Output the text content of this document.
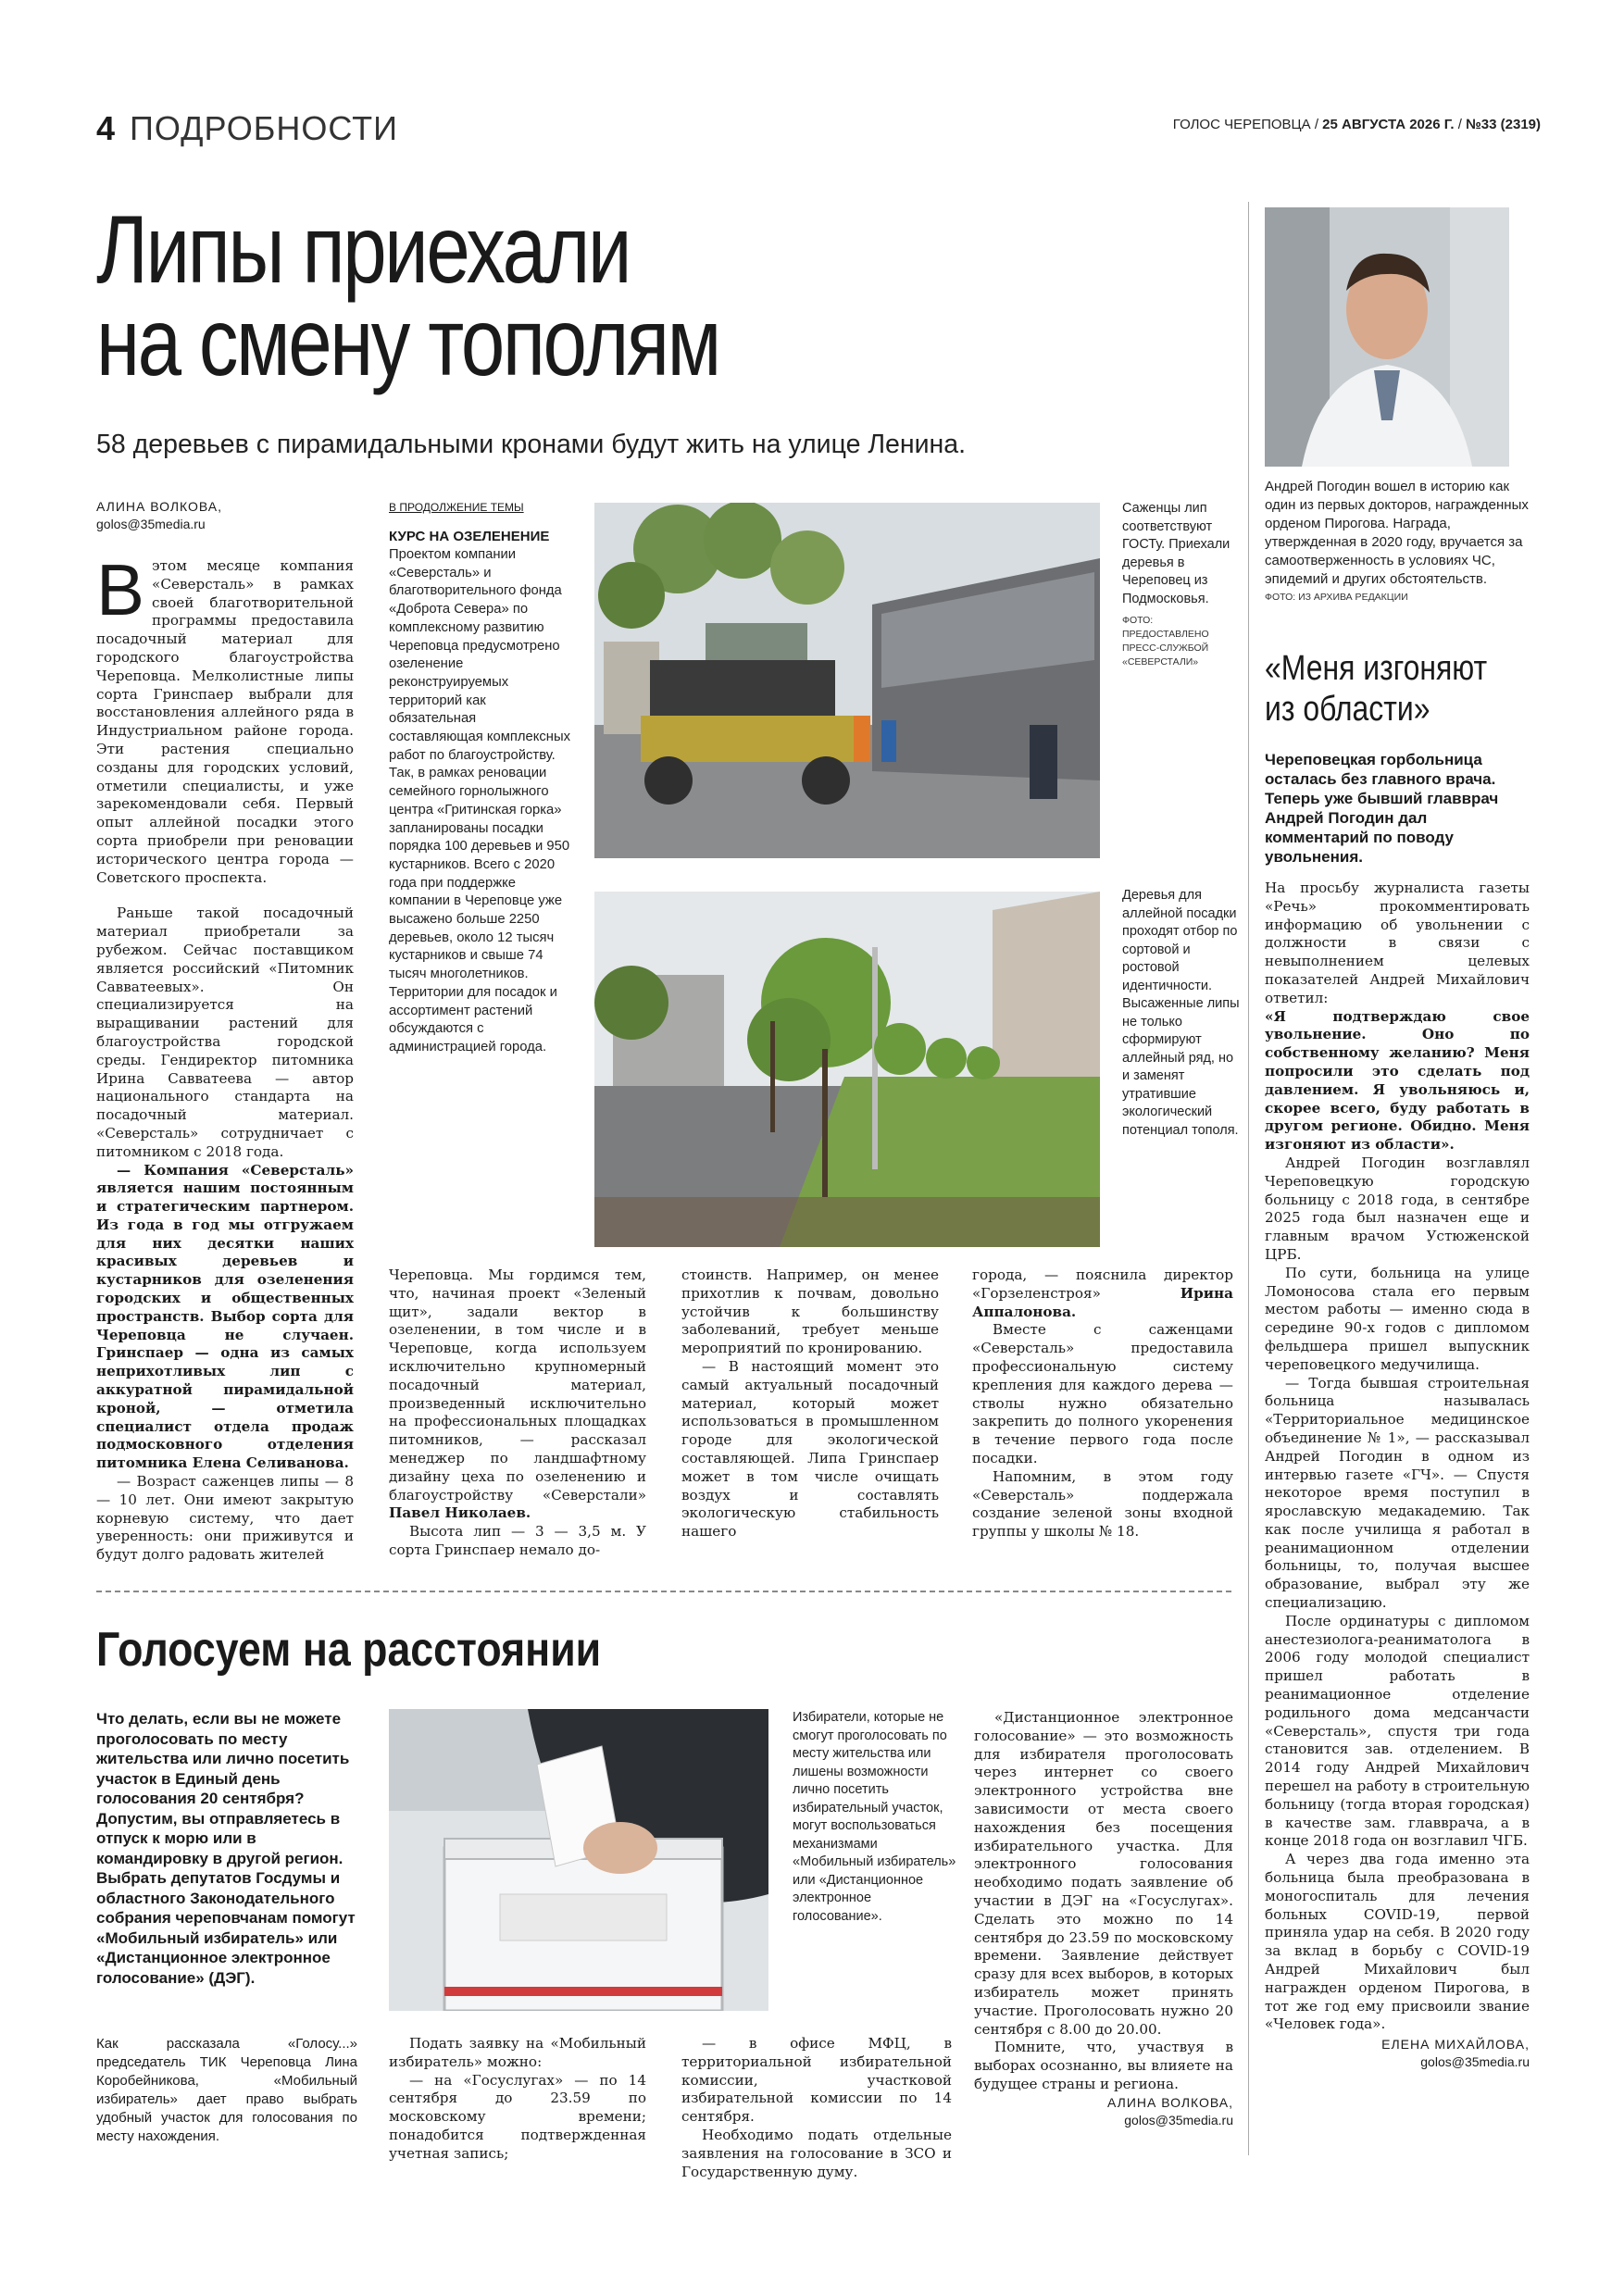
4 ПОДРОБНОСТИ	ГОЛОС ЧЕРЕПОВЦА / 25 АВГУСТА 2026 Г. / №33 (2319)
Липы приехали
на смену тополям
58 деревьев с пирамидальными кронами будут жить на улице Ленина.
АЛИНА ВОЛКОВА,
golos@35media.ru

В этом месяце компания «Северсталь» в рамках своей благотворительной программы предоставила посадочный материал для городского благоустройства Череповца. Мелколистные липы сорта Гринспаер выбрали для восстановления аллейного ряда в Индустриальном районе города. Эти растения специально созданы для городских условий, отметили специалисты, и уже зарекомендовали себя. Первый опыт аллейной посадки этого сорта приобрели при реновации исторического центра города — Советского проспекта.

Раньше такой посадочный материал приобретали за рубежом. Сейчас поставщиком является российский «Питомник Савватеевых». Он специализируется на выращивании растений для благоустройства городской среды. Гендиректор питомника Ирина Савватеева — автор национального стандарта на посадочный материал. «Северсталь» сотрудничает с питомником с 2018 года.

— Компания «Северсталь» является нашим постоянным и стратегическим партнером. Из года в год мы отгружаем для них десятки наших красивых деревьев и кустарников для озеленения городских и общественных пространств. Выбор сорта для Череповца не случаен. Гринспаер — одна из самых неприхотливых лип с аккуратной пирамидальной кроной, — отметила специалист отдела продаж подмосковного отделения питомника Елена Селиванова.

— Возраст саженцев липы — 8 — 10 лет. Они имеют закрытую корневую систему, что дает уверенность: они приживутся и будут долго радовать жителей

В ПРОДОЛЖЕНИЕ ТЕМЫ
КУРС НА ОЗЕЛЕНЕНИЕ
Проектом компании «Северсталь» и благотворительного фонда «Доброта Севера» по комплексному развитию Череповца предусмотрено озеленение реконструируемых территорий как обязательная составляющая комплексных работ по благоустройству. Так, в рамках реновации семейного горнолыжного центра «Гритинская горка» запланированы посадки порядка 100 деревьев и 950 кустарников. Всего с 2020 года при поддержке компании в Череповце уже высажено больше 2250 деревьев, около 12 тысяч кустарников и свыше 74 тысяч многолетников. Территории для посадок и ассортимент растений обсуждаются с администрацией города.
Саженцы лип соответствуют ГОСТу. Приехали деревья в Череповец из Подмосковья.
ФОТО: ПРЕДОСТАВЛЕНО ПРЕСС-СЛУЖБОЙ «СЕВЕРСТАЛИ»
Деревья для аллейной посадки проходят отбор по сортовой и ростовой идентичности. Высаженные липы не только сформируют аллейный ряд, но и заменят утратившие экологический потенциал тополя.

Череповца. Мы гордимся тем, что, начиная проект «Зеленый щит», задали вектор в озеленении, в том числе и в Череповце, когда используем исключительно крупномерный посадочный материал, произведенный исключительно на профессиональных площадках питомников, — рассказал менеджер по ландшафтному дизайну цеха по озеленению и благоустройству «Северстали» Павел Николаев.

Высота лип — 3 — 3,5 м. У сорта Гринспаер немало до-

стоинств. Например, он менее прихотлив к почвам, довольно устойчив к большинству заболеваний, требует меньше мероприятий по кронированию.

— В настоящий момент это самый актуальный посадочный материал, который может использоваться в промышленном городе для экологической составляющей. Липа Гринспаер может в том числе очищать воздух и составлять экологическую стабильность нашего

города, — пояснила директор «Горзеленстроя»	Ирина Аппалонова.

Вместе с саженцами «Северсталь» предоставила профессиональную систему крепления для каждого дерева — стволы нужно обязательно закрепить до полного укоренения в течение первого года после посадки.

Напомним, в этом году «Северсталь» поддержала создание зеленой зоны входной группы у школы № 18.

Андрей Погодин вошел в историю как один из первых докторов, награжденных орденом Пирогова. Награда, утвержденная в 2020 году, вручается за самоотверженность в условиях ЧС, эпидемий и других обстоятельств.
ФОТО: ИЗ АРХИВА РЕДАКЦИИ
«Меня изгоняют
из области»
Череповецкая горбольница осталась без главного врача. Теперь уже бывший главврач Андрей Погодин дал комментарий по поводу увольнения.

На просьбу журналиста газеты «Речь» прокомментировать информацию об увольнении с должности в связи с невыполнением целевых показателей Андрей Михайлович ответил:

«Я подтверждаю свое увольнение. Оно по собственному желанию? Меня попросили это сделать под давлением. Я увольняюсь и, скорее всего, буду работать в другом регионе. Обидно. Меня изгоняют из области».

Андрей Погодин возглавлял Череповецкую городскую больницу с 2018 года, в сентябре 2025 года был назначен еще и главным врачом Устюженской ЦРБ.

По сути, больница на улице Ломоносова стала его первым местом работы — именно сюда в середине 90-х годов с дипломом фельдшера пришел выпускник череповецкого медучилища.

— Тогда бывшая строительная больница называлась «Территориальное медицинское объединение № 1», — рассказывал Андрей Погодин в одном из интервью газете «ГЧ». — Спустя некоторое время поступил в ярославскую медакадемию. Так как после училища я работал в реанимационном отделении больницы, то, получая высшее образование, выбрал эту же специализацию.

После ординатуры с дипломом анестезиолога-реаниматолога в 2006 году молодой специалист пришел работать в реанимационное отделение родильного дома медсанчасти «Северсталь», спустя три года становится зав. отделением. В 2014 году Андрей Михайлович перешел на работу в строительную больницу (тогда вторая городская) в качестве зам. главврача, а в конце 2018 года он возглавил ЧГБ.

А через два года именно эта больница была преобразована в моногоспиталь для лечения больных COVID-19, первой приняла удар на себя. В 2020 году за вклад в борьбу с COVID-19 Андрей Михайлович был награжден орденом Пирогова, в тот же год ему присвоили звание «Человек года».

ЕЛЕНА МИХАЙЛОВА,
golos@35media.ru
Голосуем на расстоянии
Что делать, если вы не можете проголосовать по месту жительства или лично посетить участок в Единый день голосования 20 сентября? Допустим, вы отправляетесь в отпуск к морю или в командировку в другой регион. Выбрать депутатов Госдумы и областного Законодательного собрания череповчанам помогут «Мобильный избиратель» или «Дистанционное электронное голосование» (ДЭГ).

Как рассказала «Голосу...» председатель ТИК Череповца Лина Коробейникова, «Мобильный избиратель» дает право выбрать удобный участок для голосования по месту нахождения.

Избиратели, которые не смогут проголосовать по месту жительства или лишены возможности лично посетить избирательный участок, могут воспользоваться механизмами «Мобильный избиратель» или «Дистанционное электронное голосование».

Подать заявку на «Мобильный избиратель» можно:

— на «Госуслугах» — по 14 сентября до 23.59 по московскому времени; понадобится подтвержденная учетная запись;

— в офисе МФЦ, в территориальной избирательной комиссии, участковой избирательной комиссии по 14 сентября.

Необходимо подать отдельные заявления на голосование в ЗСО и Государственную думу.

«Дистанционное электронное голосование» — это возможность для избирателя проголосовать через интернет со своего электронного устройства вне зависимости от места своего нахождения без посещения избирательного участка. Для электронного голосования необходимо подать заявление об участии в ДЭГ на «Госуслугах». Сделать это можно по 14 сентября до 23.59 по московскому времени. Заявление действует сразу для всех выборов, в которых избиратель может принять участие. Проголосовать нужно 20 сентября с 8.00 до 20.00.

Помните, что, участвуя в выборах осознанно, вы влияете на будущее страны и региона.

АЛИНА ВОЛКОВА,
golos@35media.ru
